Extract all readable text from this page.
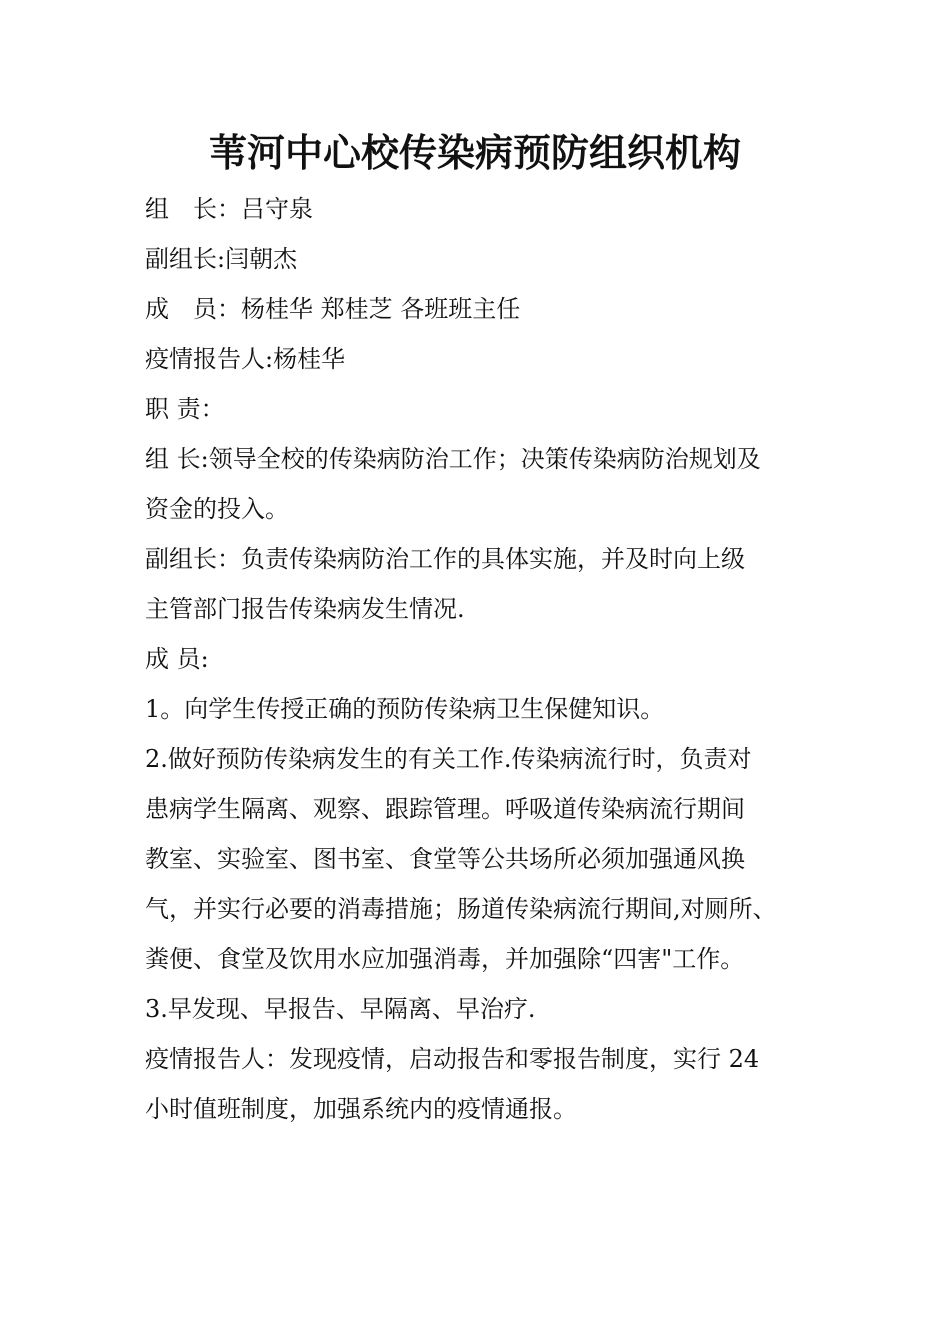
苇河中心校传染病预防组织机构
组　长：吕守泉
副组长:闫朝杰
成　员：杨桂华 郑桂芝 各班班主任
疫情报告人:杨桂华
职 责：
组 长:领导全校的传染病防治工作；决策传染病防治规划及
资金的投入。
副组长：负责传染病防治工作的具体实施，并及时向上级
主管部门报告传染病发生情况.
成 员:
1。向学生传授正确的预防传染病卫生保健知识。
2.做好预防传染病发生的有关工作.传染病流行时，负责对
患病学生隔离、观察、跟踪管理。呼吸道传染病流行期间
教室、实验室、图书室、食堂等公共场所必须加强通风换
气，并实行必要的消毒措施；肠道传染病流行期间,对厕所、
粪便、食堂及饮用水应加强消毒，并加强除“四害"工作。
3.早发现、早报告、早隔离、早治疗.
疫情报告人：发现疫情，启动报告和零报告制度，实行 24
小时值班制度，加强系统内的疫情通报。
